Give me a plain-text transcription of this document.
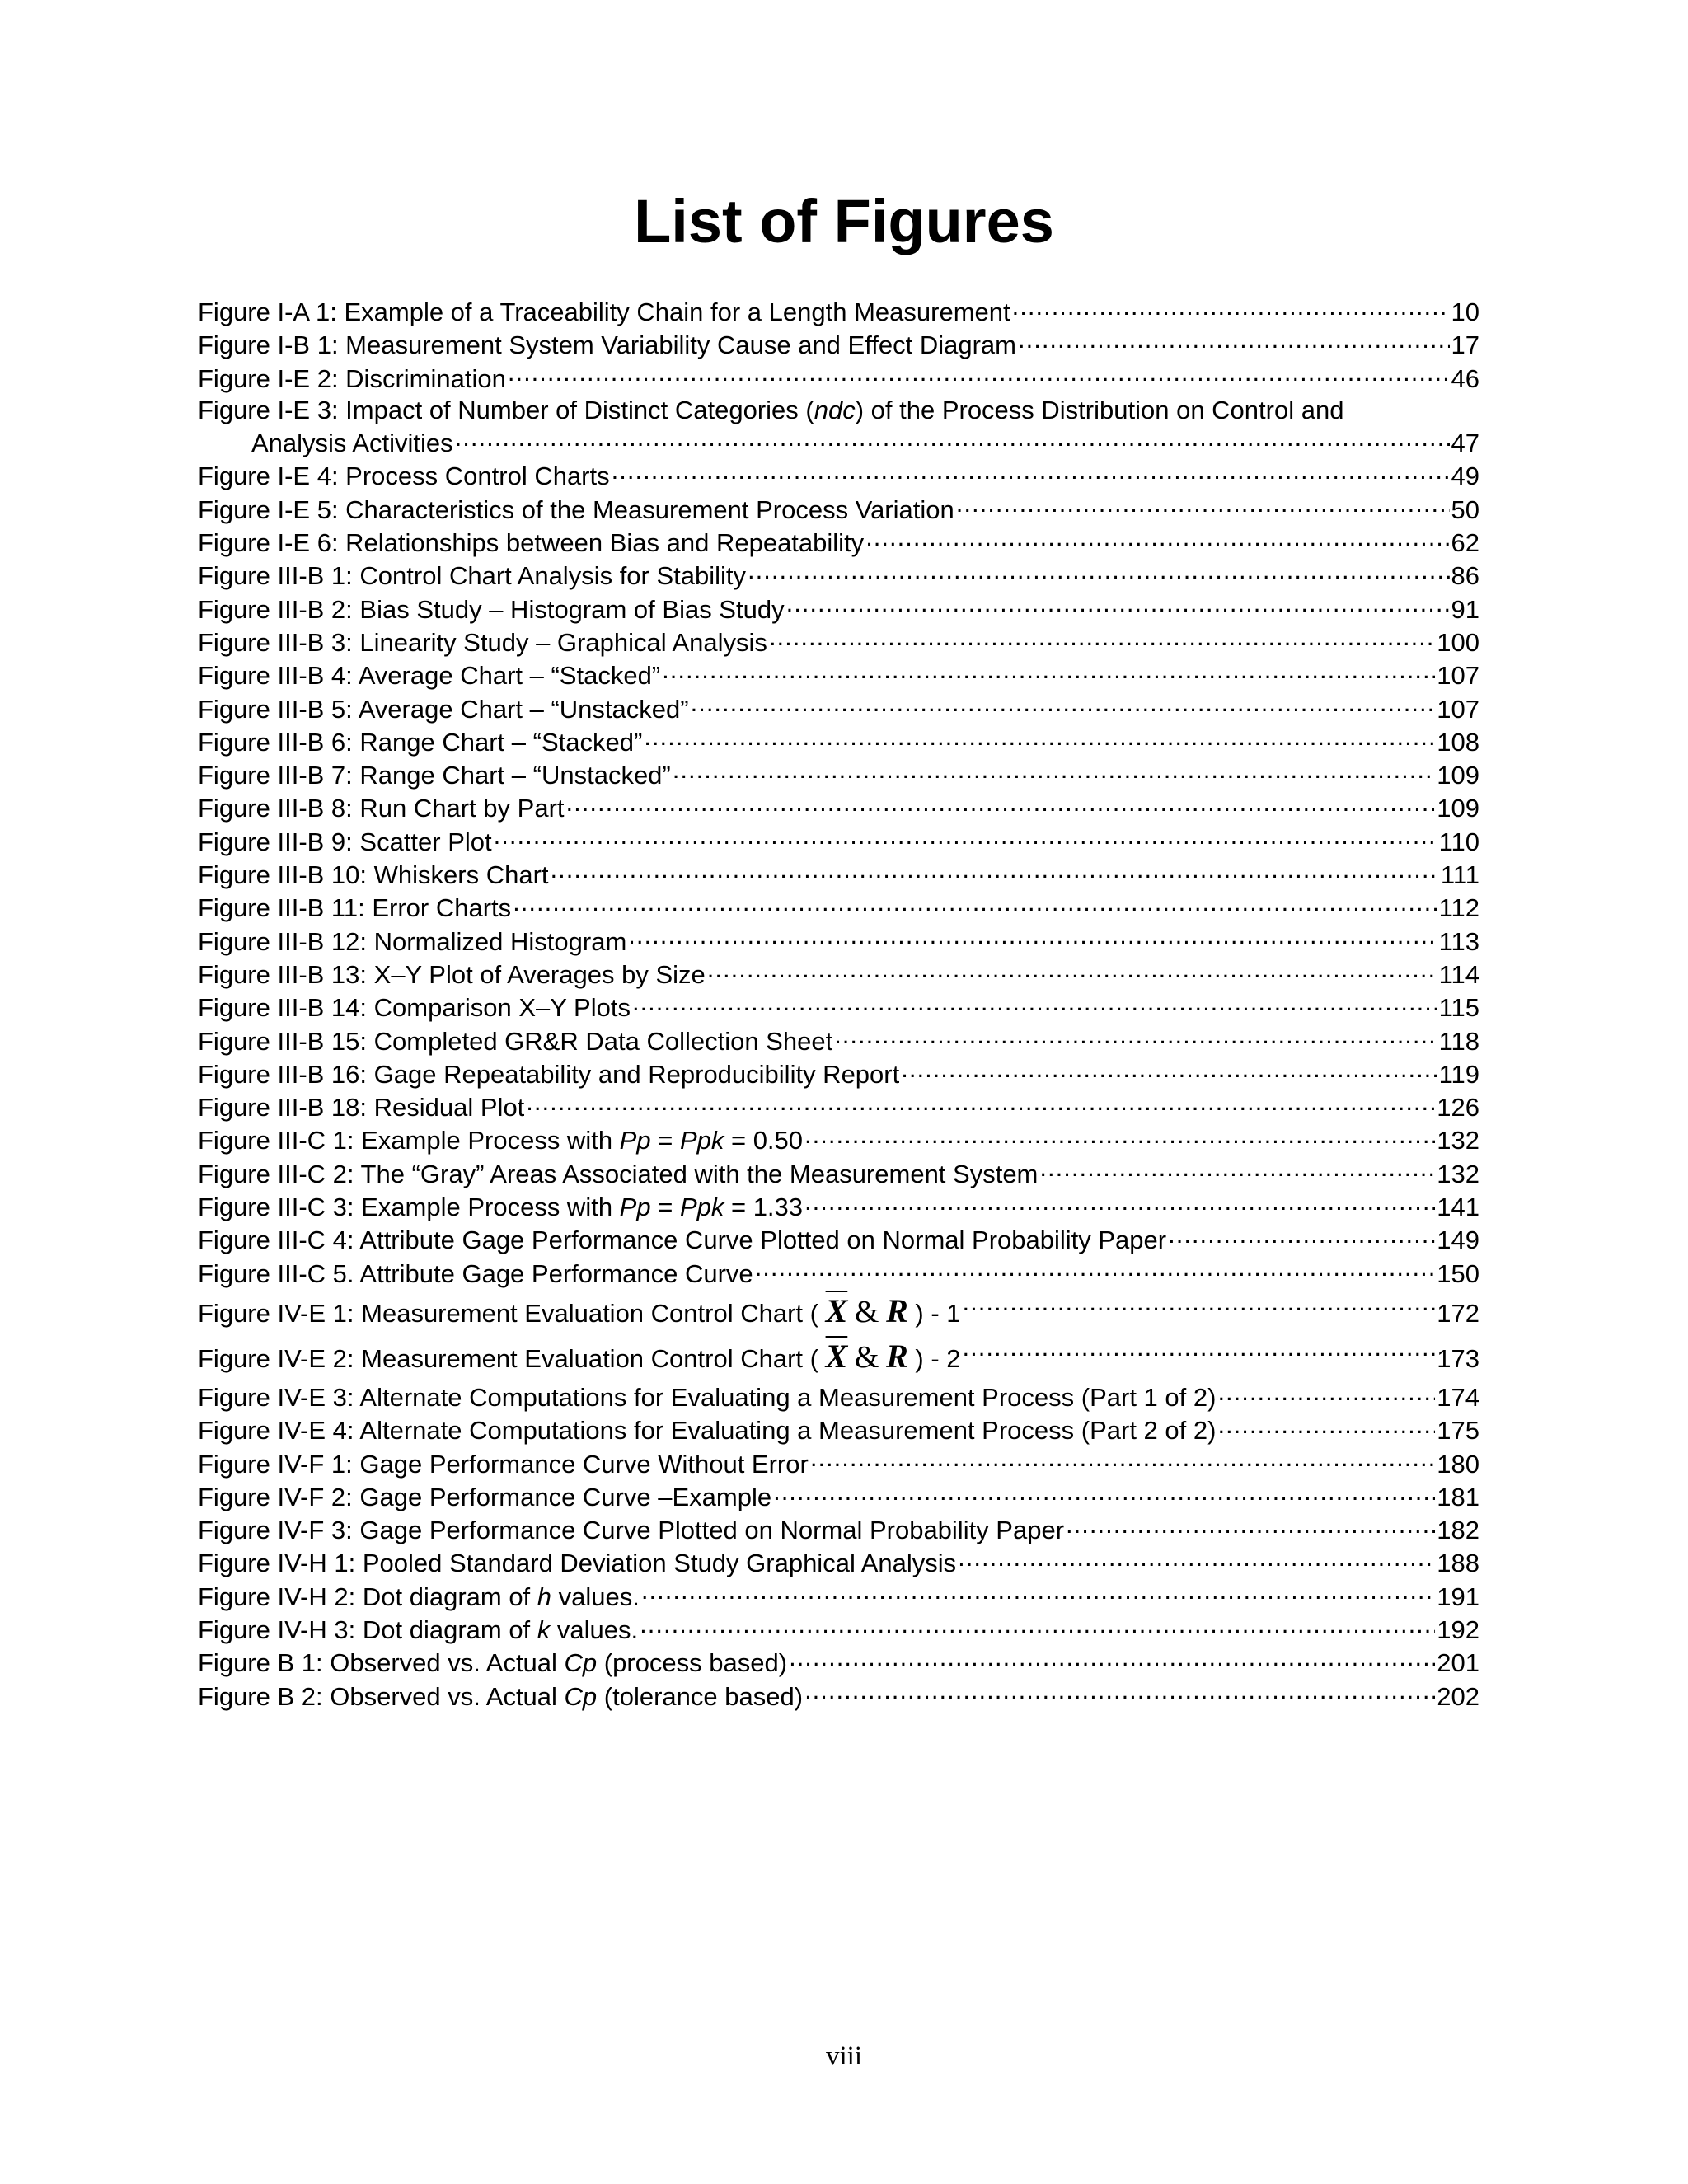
List of Figures
Figure I-A 1: Example of a Traceability Chain for a Length Measurement .....	10
Figure I-B 1: Measurement System Variability Cause and Effect Diagram .....	17
Figure I-E 2: Discrimination .....	46
Figure I-E 3: Impact of Number of Distinct Categories (ndc) of the Process Distribution on Control and
Analysis Activities .....	47
Figure I-E 4: Process Control Charts .....	49
Figure I-E 5: Characteristics of the Measurement Process Variation .....	50
Figure I-E 6: Relationships between Bias and Repeatability .....	62
Figure III-B 1: Control Chart Analysis for Stability .....	86
Figure III-B 2: Bias Study – Histogram of Bias Study .....	91
Figure III-B 3: Linearity Study – Graphical Analysis .....	100
Figure III-B 4: Average Chart – “Stacked” .....	107
Figure III-B 5: Average Chart – “Unstacked” .....	107
Figure III-B 6: Range Chart – “Stacked” .....	108
Figure III-B 7: Range Chart – “Unstacked” .....	109
Figure III-B 8: Run Chart by Part .....	109
Figure III-B 9: Scatter Plot .....	110
Figure III-B 10: Whiskers Chart .....	111
Figure III-B 11: Error Charts .....	112
Figure III-B 12: Normalized Histogram .....	113
Figure III-B 13: X–Y Plot of Averages by Size .....	114
Figure III-B 14: Comparison X–Y Plots .....	115
Figure III-B 15: Completed GR&R Data Collection Sheet .....	118
Figure III-B 16: Gage Repeatability and Reproducibility Report .....	119
Figure III-B 18: Residual Plot .....	126
Figure III-C 1: Example Process with Pp = Ppk = 0.50 .....	132
Figure III-C 2: The “Gray” Areas Associated with the Measurement System .....	132
Figure III-C 3: Example Process with Pp = Ppk = 1.33 .....	141
Figure III-C 4: Attribute Gage Performance Curve Plotted on Normal Probability Paper .....	149
Figure III-C 5. Attribute Gage Performance Curve .....	150
Figure IV-E 1: Measurement Evaluation Control Chart ( $\overline{X}$ & R ) - 1 .....	172
Figure IV-E 2: Measurement Evaluation Control Chart ( $\overline{X}$ & R ) - 2 .....	173
Figure IV-E 3: Alternate Computations for Evaluating a Measurement Process (Part 1 of 2) .....	174
Figure IV-E 4: Alternate Computations for Evaluating a Measurement Process (Part 2 of 2) .....	175
Figure IV-F 1: Gage Performance Curve Without Error .....	180
Figure IV-F 2: Gage Performance Curve –Example .....	181
Figure IV-F 3: Gage Performance Curve Plotted on Normal Probability Paper .....	182
Figure IV-H 1: Pooled Standard Deviation Study Graphical Analysis .....	188
Figure IV-H 2: Dot diagram of h values. .....	191
Figure IV-H 3: Dot diagram of k values. .....	192
Figure B 1: Observed vs. Actual Cp (process based) .....	201
Figure B 2: Observed vs. Actual Cp (tolerance based) .....	202
viii
